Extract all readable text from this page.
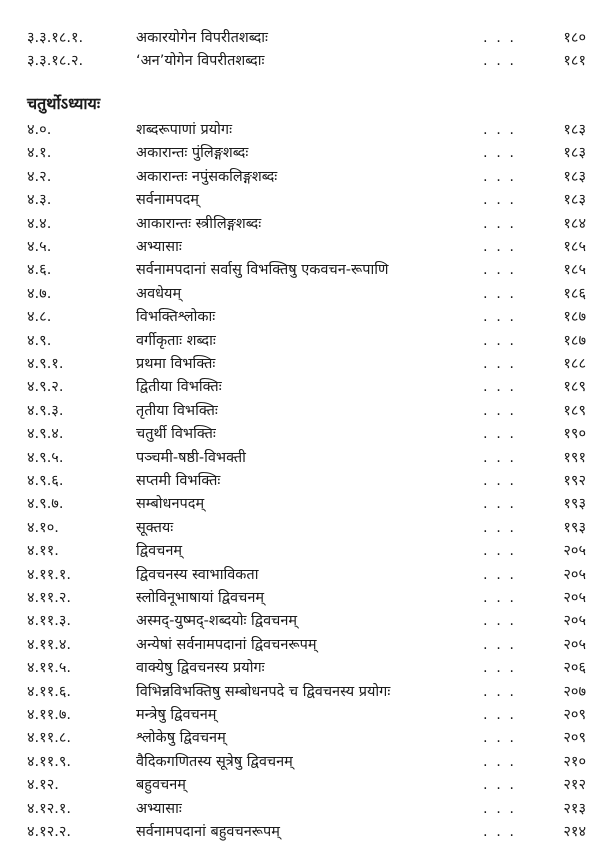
३.३.१८.१.	अकारयोगेन विपरीतशब्दाः	. . .	१८०
३.३.१८.२.	‘अन’योगेन विपरीतशब्दाः	. . .	१८१
चतुर्थोऽध्यायः
४.०.	शब्दरूपाणां प्रयोगः	. . .	१८३
४.१.	अकारान्तः पुंलिङ्गशब्दः	. . .	१८३
४.२.	अकारान्तः नपुंसकलिङ्गशब्दः	. . .	१८३
४.३.	सर्वनामपदम्	. . .	१८३
४.४.	आकारान्तः स्त्रीलिङ्गशब्दः	. . .	१८४
४.५.	अभ्यासाः	. . .	१८५
४.६.	सर्वनामपदानां सर्वासु विभक्तिषु एकवचन-रूपाणि	. . .	१८५
४.७.	अवधेयम्	. . .	१८६
४.८.	विभक्तिश्लोकाः	. . .	१८७
४.९.	वर्गीकृताः शब्दाः	. . .	१८७
४.९.१.	प्रथमा विभक्तिः	. . .	१८८
४.९.२.	द्वितीया विभक्तिः	. . .	१८९
४.९.३.	तृतीया विभक्तिः	. . .	१८९
४.९.४.	चतुर्थी विभक्तिः	. . .	१९०
४.९.५.	पञ्चमी-षष्ठी-विभक्ती	. . .	१९१
४.९.६.	सप्तमी विभक्तिः	. . .	१९२
४.९.७.	सम्बोधनपदम्	. . .	१९३
४.१०.	सूक्तयः	. . .	१९३
४.११.	द्विवचनम्	. . .	२०५
४.११.१.	द्विवचनस्य स्वाभाविकता	. . .	२०५
४.११.२.	स्लोविनूभाषायां द्विवचनम्	. . .	२०५
४.११.३.	अस्मद्-युष्मद्-शब्दयोः द्विवचनम्	. . .	२०५
४.११.४.	अन्येषां सर्वनामपदानां द्विवचनरूपम्	. . .	२०५
४.११.५.	वाक्येषु द्विवचनस्य प्रयोगः	. . .	२०६
४.११.६.	विभिन्नविभक्तिषु सम्बोधनपदे च द्विवचनस्य प्रयोगः	. . .	२०७
४.११.७.	मन्त्रेषु द्विवचनम्	. . .	२०९
४.११.८.	श्लोकेषु द्विवचनम्	. . .	२०९
४.११.९.	वैदिकगणितस्य सूत्रेषु द्विवचनम्	. . .	२१०
४.१२.	बहुवचनम्	. . .	२१२
४.१२.१.	अभ्यासाः	. . .	२१३
४.१२.२.	सर्वनामपदानां बहुवचनरूपम्	. . .	२१४
